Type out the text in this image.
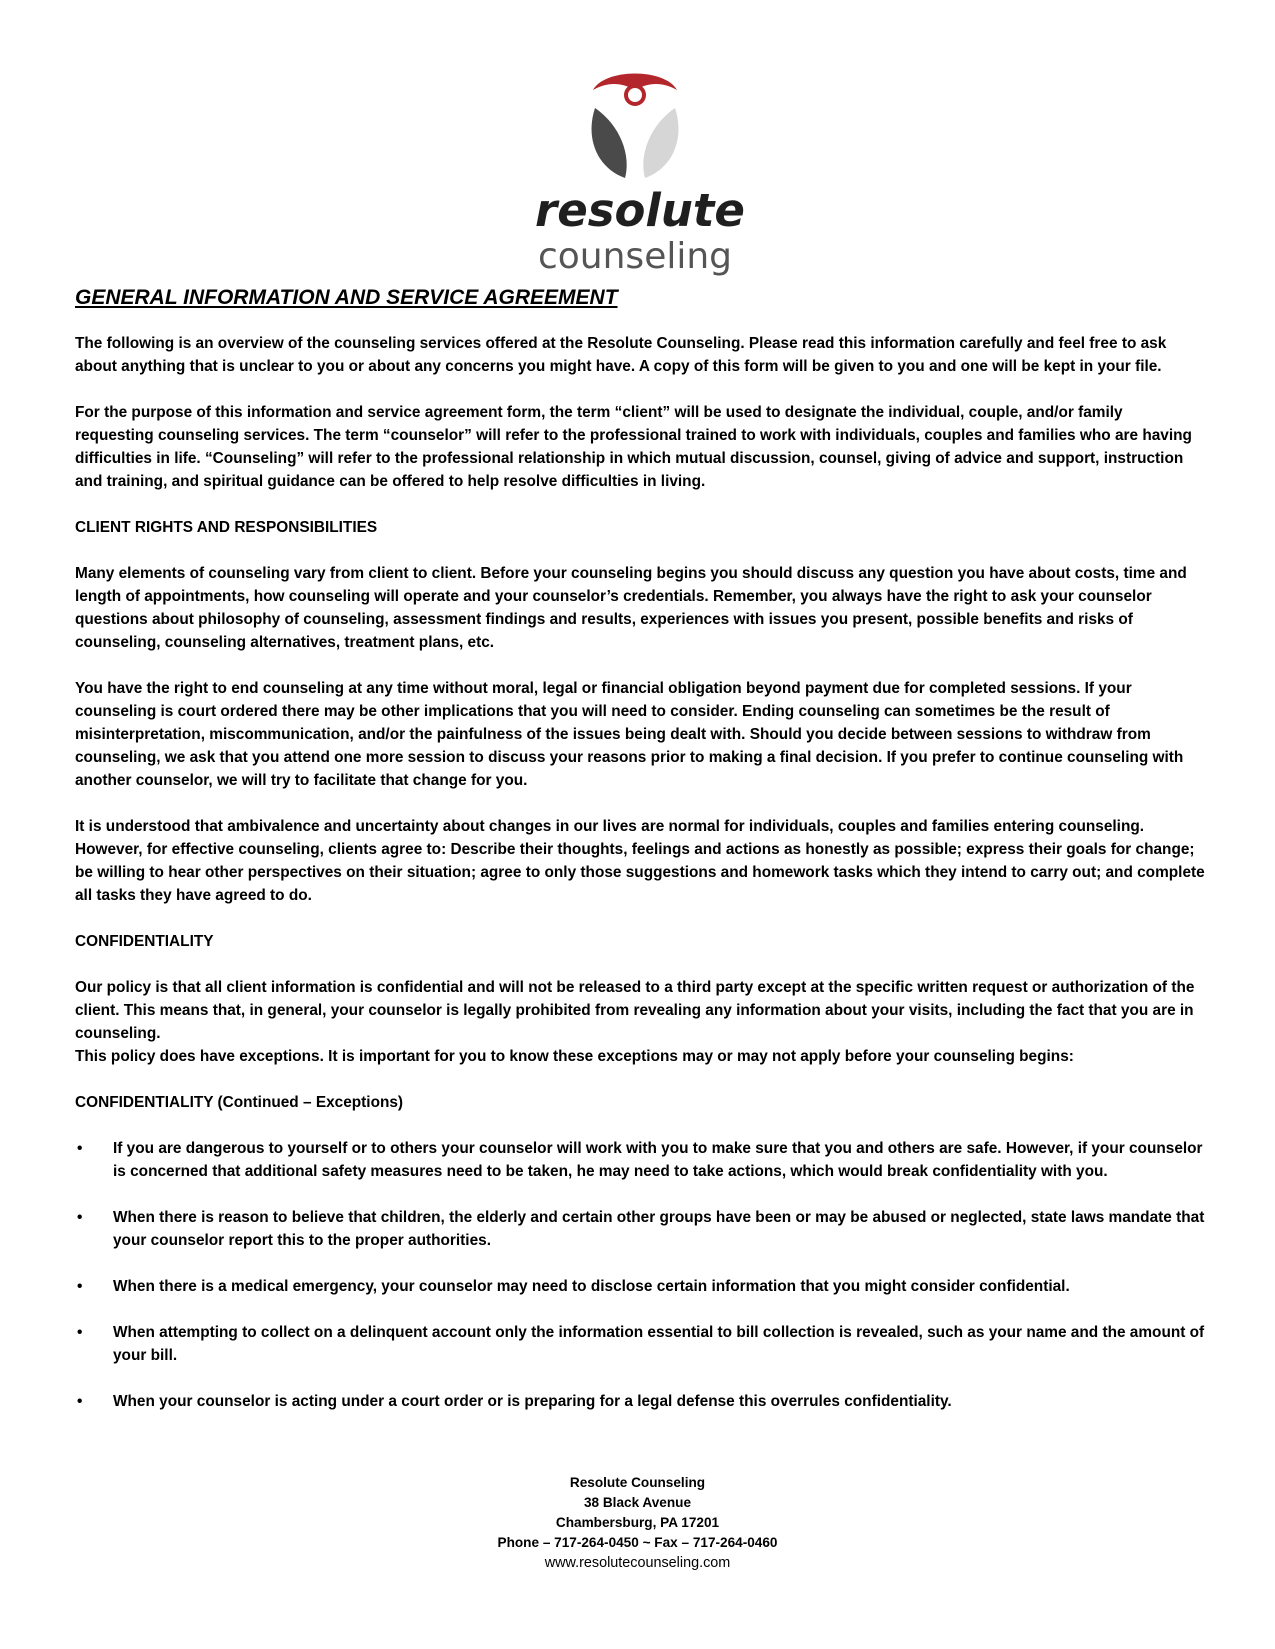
resolute
counseling
GENERAL INFORMATION AND SERVICE AGREEMENT

The following is an overview of the counseling services offered at the Resolute Counseling. Please read this information carefully and feel free to ask about anything that is unclear to you or about any concerns you might have. A copy of this form will be given to you and one will be kept in your file.

For the purpose of this information and service agreement form, the term “client” will be used to designate the individual, couple, and/or family requesting counseling services. The term “counselor” will refer to the professional trained to work with individuals, couples and families who are having difficulties in life. “Counseling” will refer to the professional relationship in which mutual discussion, counsel, giving of advice and support, instruction and training, and spiritual guidance can be offered to help resolve difficulties in living.

CLIENT RIGHTS AND RESPONSIBILITIES

Many elements of counseling vary from client to client. Before your counseling begins you should discuss any question you have about costs, time and length of appointments, how counseling will operate and your counselor’s credentials. Remember, you always have the right to ask your counselor questions about philosophy of counseling, assessment findings and results, experiences with issues you present, possible benefits and risks of counseling, counseling alternatives, treatment plans, etc.

You have the right to end counseling at any time without moral, legal or financial obligation beyond payment due for completed sessions. If your counseling is court ordered there may be other implications that you will need to consider. Ending counseling can sometimes be the result of misinterpretation, miscommunication, and/or the painfulness of the issues being dealt with. Should you decide between sessions to withdraw from counseling, we ask that you attend one more session to discuss your reasons prior to making a final decision. If you prefer to continue counseling with another counselor, we will try to facilitate that change for you.

It is understood that ambivalence and uncertainty about changes in our lives are normal for individuals, couples and families entering counseling. However, for effective counseling, clients agree to: Describe their thoughts, feelings and actions as honestly as possible; express their goals for change; be willing to hear other perspectives on their situation; agree to only those suggestions and homework tasks which they intend to carry out; and complete all tasks they have agreed to do.

CONFIDENTIALITY

Our policy is that all client information is confidential and will not be released to a third party except at the specific written request or authorization of the client. This means that, in general, your counselor is legally prohibited from revealing any information about your visits, including the fact that you are in counseling.

This policy does have exceptions. It is important for you to know these exceptions may or may not apply before your counseling begins:

CONFIDENTIALITY (Continued – Exceptions)
• If you are dangerous to yourself or to others your counselor will work with you to make sure that you and others are safe. However, if your counselor is concerned that additional safety measures need to be taken, he may need to take actions, which would break confidentiality with you.
• When there is reason to believe that children, the elderly and certain other groups have been or may be abused or neglected, state laws mandate that your counselor report this to the proper authorities.
• When there is a medical emergency, your counselor may need to disclose certain information that you might consider confidential.
• When attempting to collect on a delinquent account only the information essential to bill collection is revealed, such as your name and the amount of your bill.
• When your counselor is acting under a court order or is preparing for a legal defense this overrules confidentiality.
Resolute Counseling
38 Black Avenue
Chambersburg, PA 17201
Phone – 717-264-0450 ~ Fax – 717-264-0460
www.resolutecounseling.com
